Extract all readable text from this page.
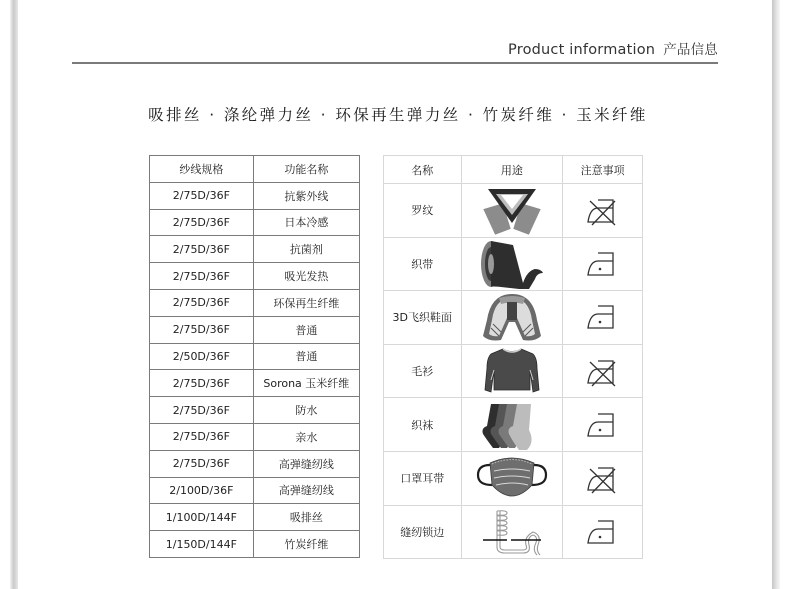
Product information 产品信息
吸排丝 · 涤纶弹力丝 · 环保再生弹力丝 · 竹炭纤维 · 玉米纤维
纱线规格	功能名称
2/75D/36F	抗紫外线
2/75D/36F	日本冷感
2/75D/36F	抗菌剂
2/75D/36F	吸光发热
2/75D/36F	环保再生纤维
2/75D/36F	普通
2/50D/36F	普通
2/75D/36F	Sorona 玉米纤维
2/75D/36F	防水
2/75D/36F	亲水
2/75D/36F	高弹缝纫线
2/100D/36F	高弹缝纫线
1/100D/144F	吸排丝
1/150D/144F	竹炭纤维
名称	用途	注意事项
罗纹		
织带		
3D飞织鞋面		
毛衫		
织袜		
口罩耳带		
缝纫锁边		
